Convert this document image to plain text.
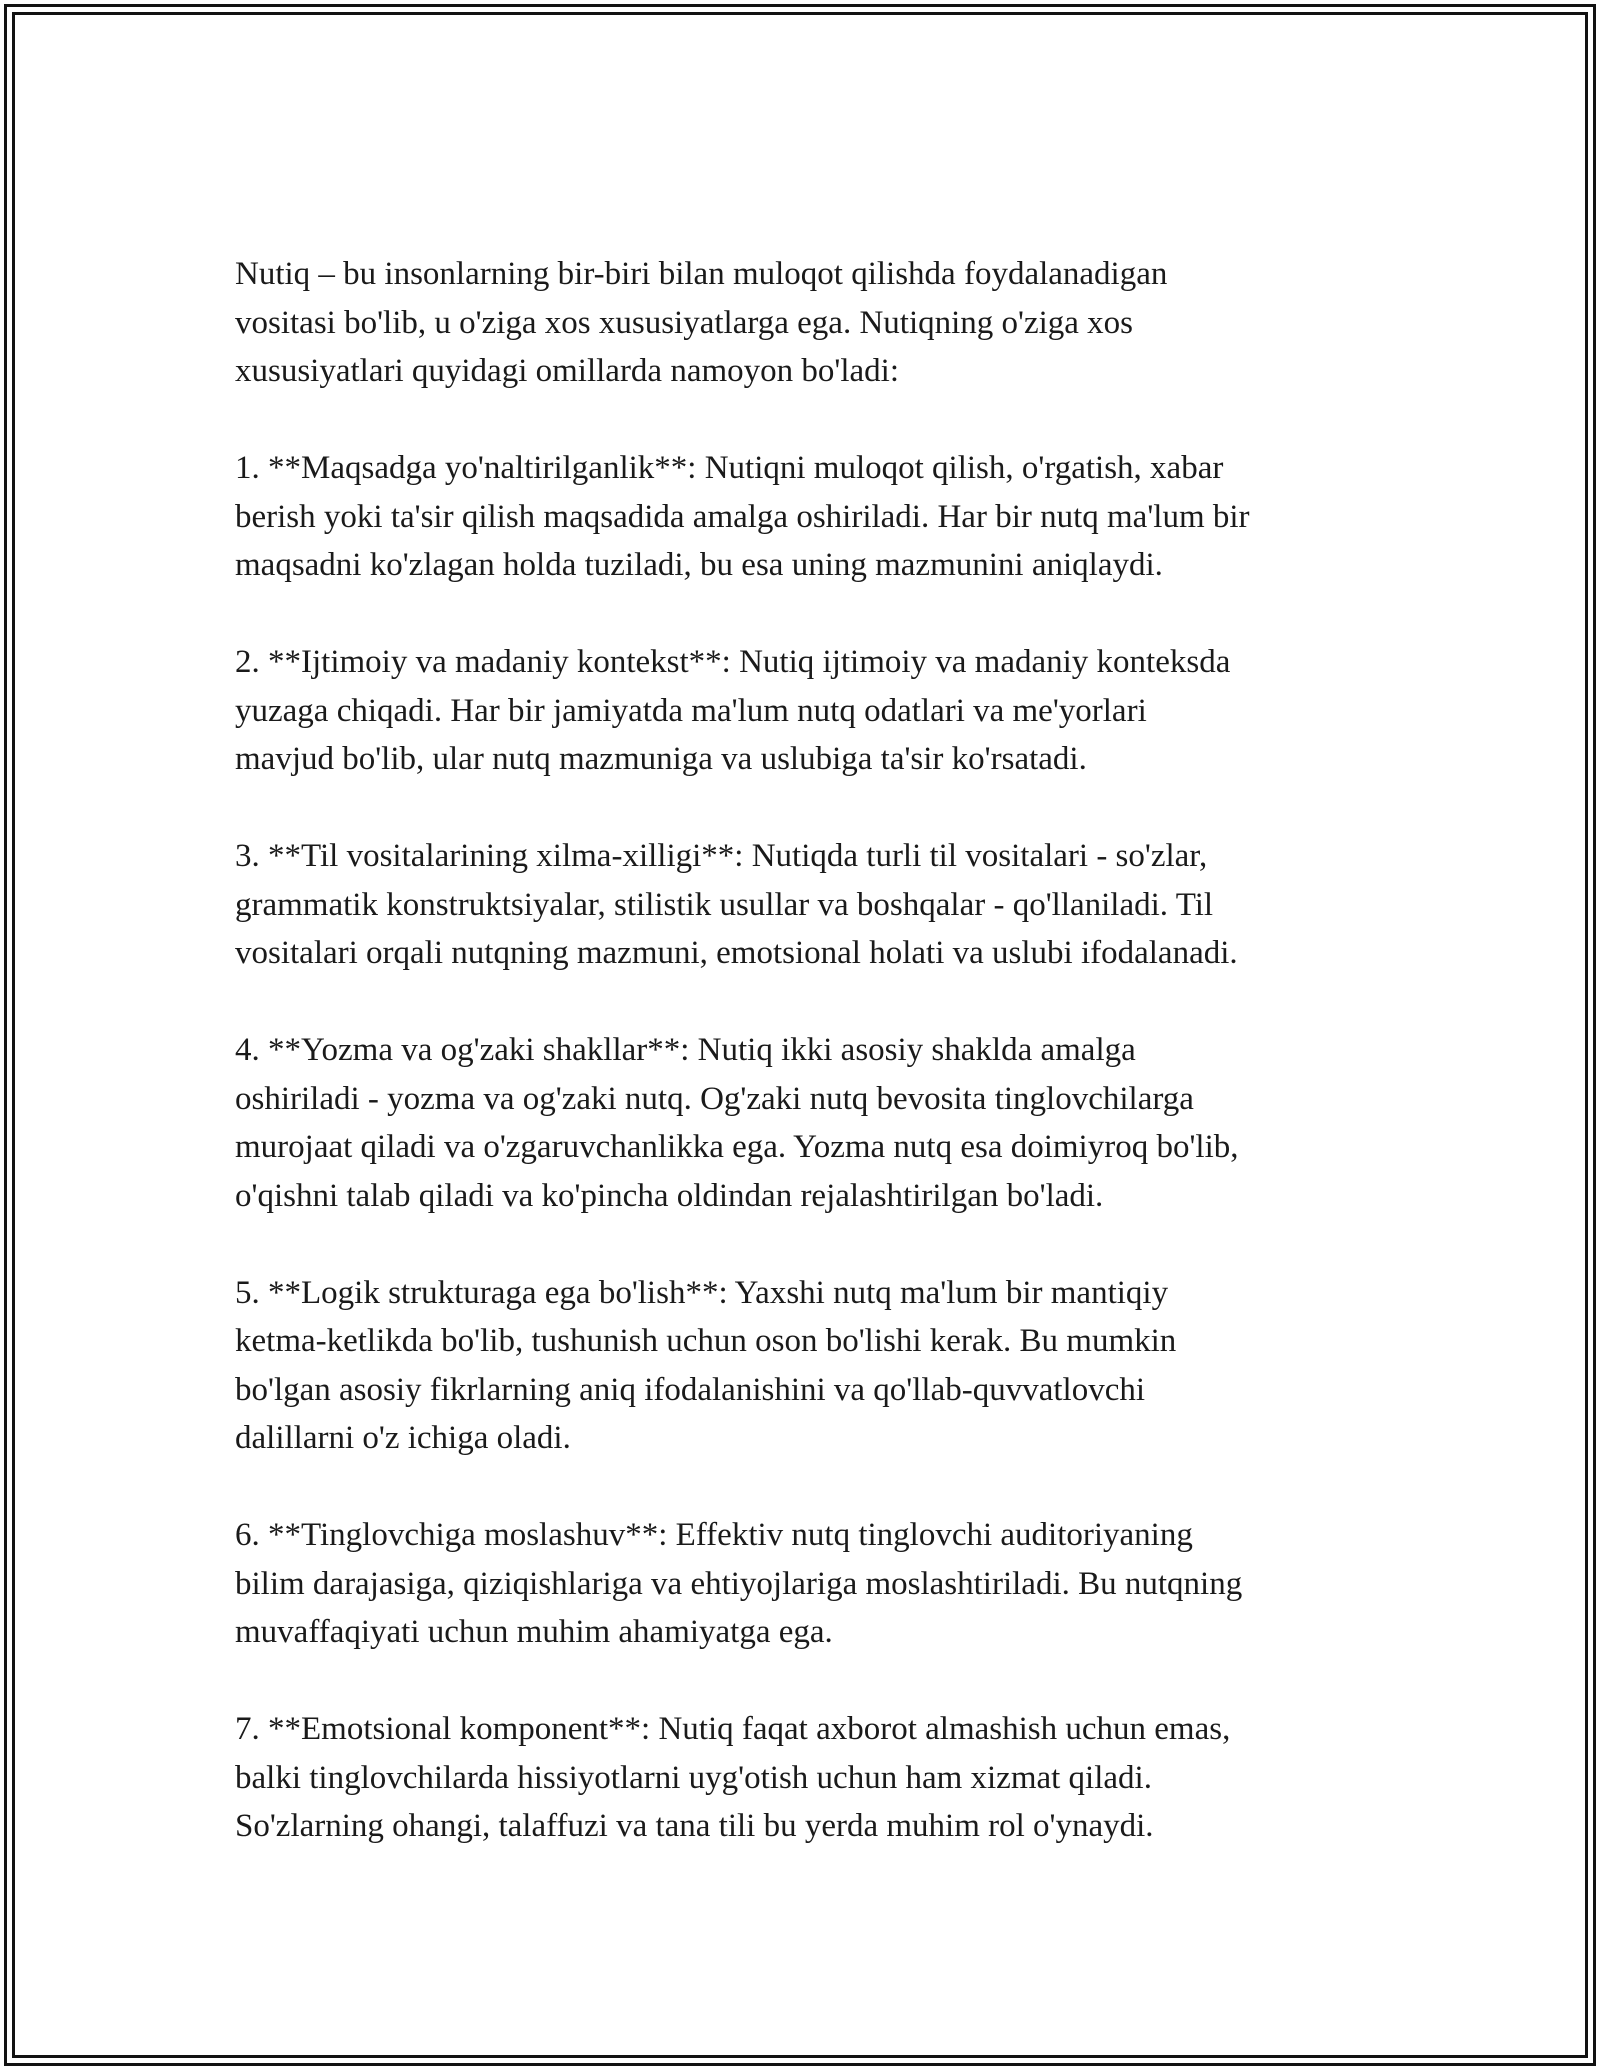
Nutiq – bu insonlarning bir-biri bilan muloqot qilishda foydalanadigan
vositasi bo'lib, u o'ziga xos xususiyatlarga ega. Nutiqning o'ziga xos
xususiyatlari quyidagi omillarda namoyon bo'ladi:

1. **Maqsadga yo'naltirilganlik**: Nutiqni muloqot qilish, o'rgatish, xabar
berish yoki ta'sir qilish maqsadida amalga oshiriladi. Har bir nutq ma'lum bir
maqsadni ko'zlagan holda tuziladi, bu esa uning mazmunini aniqlaydi.

2. **Ijtimoiy va madaniy kontekst**: Nutiq ijtimoiy va madaniy konteksda
yuzaga chiqadi. Har bir jamiyatda ma'lum nutq odatlari va me'yorlari
mavjud bo'lib, ular nutq mazmuniga va uslubiga ta'sir ko'rsatadi.

3. **Til vositalarining xilma-xilligi**: Nutiqda turli til vositalari - so'zlar,
grammatik konstruktsiyalar, stilistik usullar va boshqalar - qo'llaniladi. Til
vositalari orqali nutqning mazmuni, emotsional holati va uslubi ifodalanadi.

4. **Yozma va og'zaki shakllar**: Nutiq ikki asosiy shaklda amalga
oshiriladi - yozma va og'zaki nutq. Og'zaki nutq bevosita tinglovchilarga
murojaat qiladi va o'zgaruvchanlikka ega. Yozma nutq esa doimiyroq bo'lib,
o'qishni talab qiladi va ko'pincha oldindan rejalashtirilgan bo'ladi.

5. **Logik strukturaga ega bo'lish**: Yaxshi nutq ma'lum bir mantiqiy
ketma-ketlikda bo'lib, tushunish uchun oson bo'lishi kerak. Bu mumkin
bo'lgan asosiy fikrlarning aniq ifodalanishini va qo'llab-quvvatlovchi
dalillarni o'z ichiga oladi.

6. **Tinglovchiga moslashuv**: Effektiv nutq tinglovchi auditoriyaning
bilim darajasiga, qiziqishlariga va ehtiyojlariga moslashtiriladi. Bu nutqning
muvaffaqiyati uchun muhim ahamiyatga ega.

7. **Emotsional komponent**: Nutiq faqat axborot almashish uchun emas,
balki tinglovchilarda hissiyotlarni uyg'otish uchun ham xizmat qiladi.
So'zlarning ohangi, talaffuzi va tana tili bu yerda muhim rol o'ynaydi.
